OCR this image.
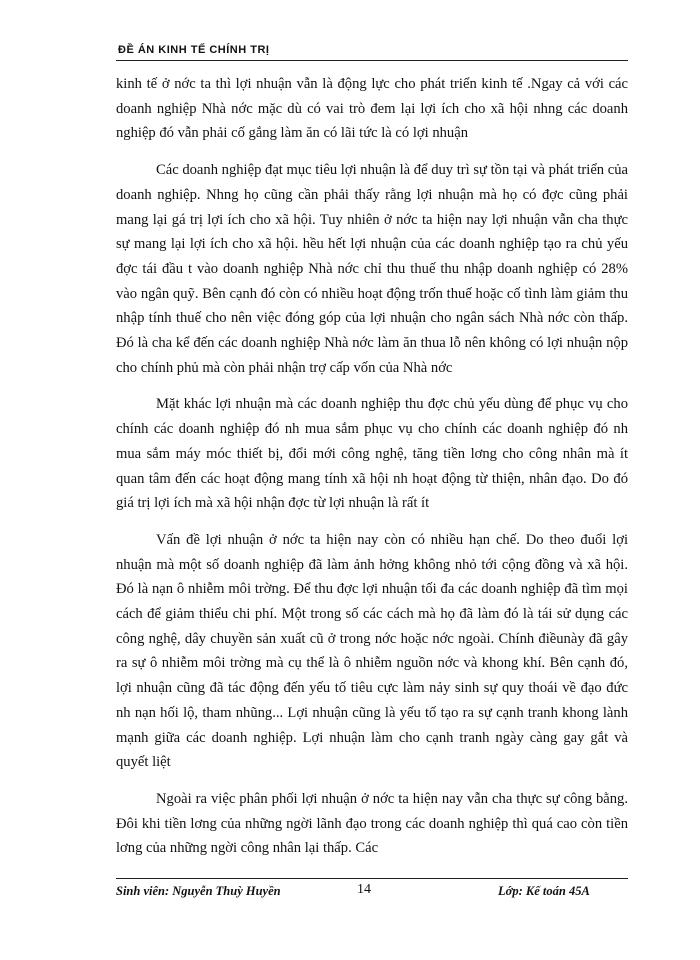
ĐỀ ÁN KINH TẾ CHÍNH TRỊ

kinh tế ở nớc ta thì lợi nhuận vẫn là động lực cho phát triển kinh tế .Ngay cả với các doanh nghiệp Nhà nớc mặc dù có vai trò đem lại lợi ích cho xã hội nhng các doanh nghiệp đó vẫn phải cố gắng làm ăn có lãi tức là có lợi nhuận

Các doanh nghiệp đạt mục tiêu lợi nhuận là để duy trì sự tồn tại và phát triển của doanh nghiệp. Nhng họ cũng cần phải thấy rằng lợi nhuận mà họ có đợc cũng phải mang lại gá trị lợi ích cho xã hội. Tuy nhiên ở nớc ta hiện nay lợi nhuận vẫn cha thực sự mang lại lợi ích cho xã hội. hều hết lợi nhuận của các doanh nghiệp tạo ra chủ yếu đợc tái đầu t vào doanh nghiệp Nhà nớc chỉ thu thuế thu nhập doanh nghiệp có 28% vào ngân quỹ. Bên cạnh đó còn có nhiều hoạt động trốn thuế hoặc cố tình làm giảm thu nhập tính thuế cho nên việc đóng góp của lợi nhuận cho ngân sách Nhà nớc còn thấp. Đó là cha kể đến các doanh nghiệp Nhà nớc làm ăn thua lỗ nên không có lợi nhuận nộp cho chính phủ mà còn phải nhận trợ cấp vốn của Nhà nớc

Mặt khác lợi nhuận mà các doanh nghiệp thu đợc chủ yếu dùng để phục vụ cho chính các doanh nghiệp đó nh mua sắm phục vụ cho chính các doanh nghiệp đó nh mua sắm máy móc thiết bị, đổi mới công nghệ, tăng tiền lơng cho công nhân mà ít quan tâm đến các hoạt động mang tính xã hội nh hoạt động từ thiện, nhân đạo. Do đó giá trị lợi ích mà xã hội nhận đợc từ lợi nhuận là rất ít

Vấn đề lợi nhuận ở nớc ta hiện nay còn có nhiều hạn chế. Do theo đuổi lợi nhuận mà một số doanh nghiệp đã làm ảnh hởng không nhỏ tới cộng đồng và xã hội. Đó là nạn ô nhiễm môi trờng. Để thu đợc lợi nhuận tối đa các doanh nghiệp đã tìm mọi cách để giảm thiểu chi phí. Một trong số các cách mà họ đã làm đó là tái sử dụng các công nghệ, dây chuyền sản xuất cũ ở trong nớc hoặc nớc ngoài. Chính điềunày đã gây ra sự ô nhiễm môi trờng mà cụ thể là ô nhiễm nguồn nớc và khong khí. Bên cạnh đó, lợi nhuận cũng đã tác động đến yếu tố tiêu cực làm nảy sinh sự quy thoái về đạo đức nh nạn hối lộ, tham nhũng... Lợi nhuận cũng là yếu tố tạo ra sự cạnh tranh khong lành mạnh giữa các doanh nghiệp. Lợi nhuận làm cho cạnh tranh ngày càng gay gắt và quyết liệt

Ngoài ra việc phân phối lợi nhuận ở nớc ta hiện nay vẫn cha thực sự công bằng. Đôi khi tiền lơng của những ngời lãnh đạo trong các doanh nghiệp thì quá cao còn tiền lơng của những ngời công nhân lại thấp. Các

Sinh viên: Nguyễn Thuỳ Huyền	14	Lớp: Kế toán 45A
